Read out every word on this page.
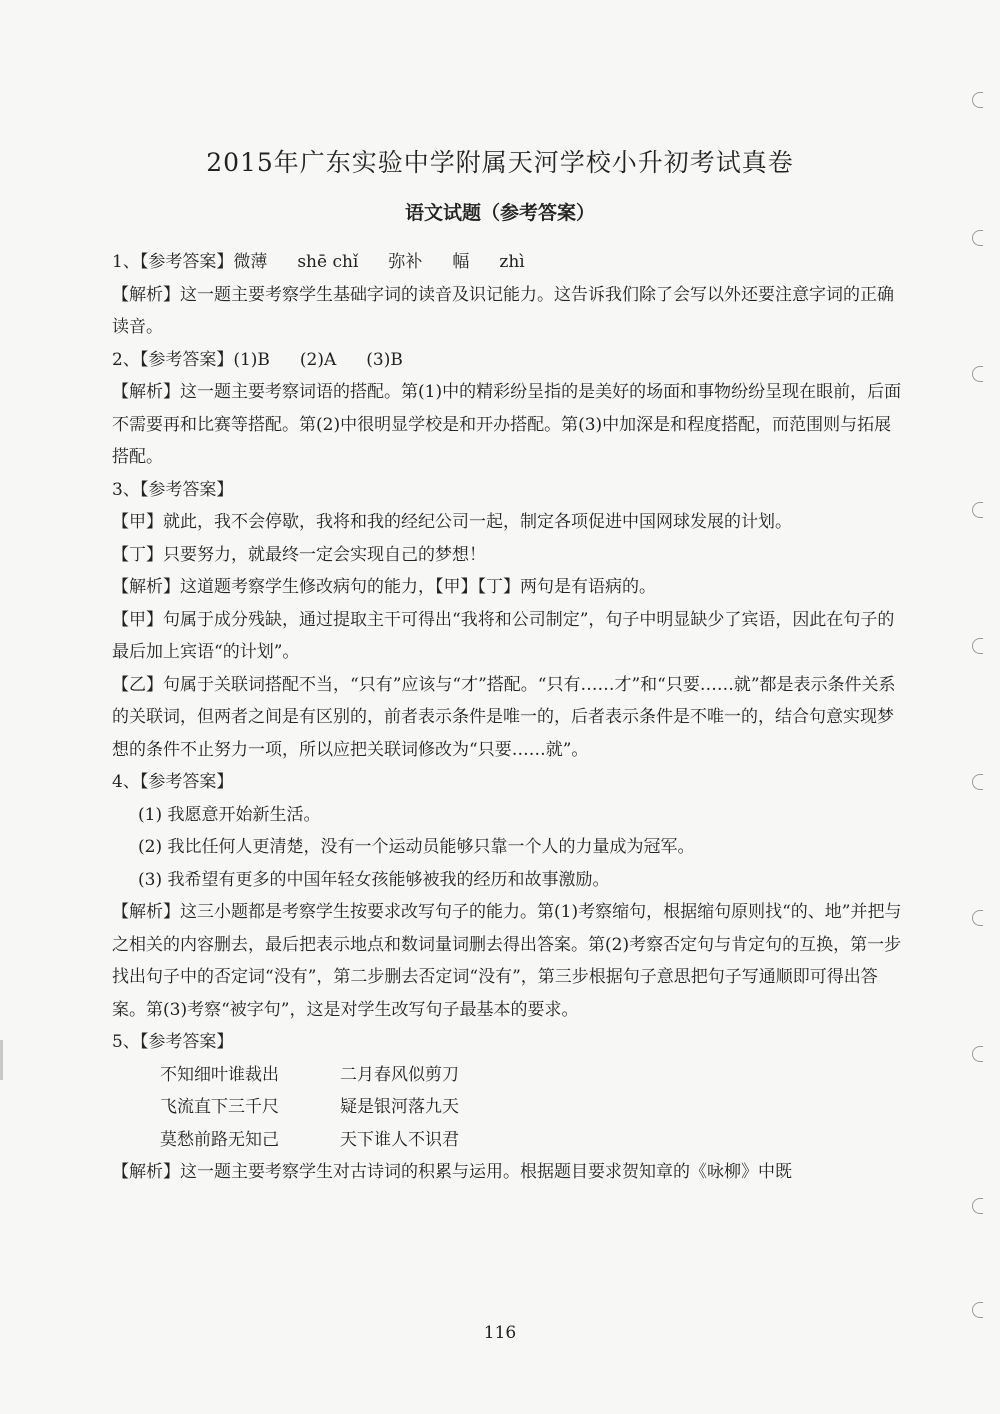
2015年广东实验中学附属天河学校小升初考试真卷
语文试题（参考答案）

1、【参考答案】微薄 shē chǐ 弥补 幅 zhì

【解析】这一题主要考察学生基础字词的读音及识记能力。这告诉我们除了会写以外还要注意字词的正确读音。

2、【参考答案】(1)B (2)A (3)B

【解析】这一题主要考察词语的搭配。第(1)中的精彩纷呈指的是美好的场面和事物纷纷呈现在眼前，后面不需要再和比赛等搭配。第(2)中很明显学校是和开办搭配。第(3)中加深是和程度搭配，而范围则与拓展搭配。

3、【参考答案】

【甲】就此，我不会停歇，我将和我的经纪公司一起，制定各项促进中国网球发展的计划。

【丁】只要努力，就最终一定会实现自己的梦想！

【解析】这道题考察学生修改病句的能力，【甲】【丁】两句是有语病的。

【甲】句属于成分残缺，通过提取主干可得出“我将和公司制定”，句子中明显缺少了宾语，因此在句子的最后加上宾语“的计划”。

【乙】句属于关联词搭配不当，“只有”应该与“才”搭配。“只有……才”和“只要……就”都是表示条件关系的关联词，但两者之间是有区别的，前者表示条件是唯一的，后者表示条件是不唯一的，结合句意实现梦想的条件不止努力一项，所以应把关联词修改为“只要……就”。

4、【参考答案】

(1) 我愿意开始新生活。

(2) 我比任何人更清楚，没有一个运动员能够只靠一个人的力量成为冠军。

(3) 我希望有更多的中国年轻女孩能够被我的经历和故事激励。

【解析】这三小题都是考察学生按要求改写句子的能力。第(1)考察缩句，根据缩句原则找“的、地”并把与之相关的内容删去，最后把表示地点和数词量词删去得出答案。第(2)考察否定句与肯定句的互换，第一步找出句子中的否定词“没有”，第二步删去否定词“没有”，第三步根据句子意思把句子写通顺即可得出答案。第(3)考察“被字句”，这是对学生改写句子最基本的要求。

5、【参考答案】

不知细叶谁裁出	二月春风似剪刀
飞流直下三千尺	疑是银河落九天
莫愁前路无知己	天下谁人不识君

【解析】这一题主要考察学生对古诗词的积累与运用。根据题目要求贺知章的《咏柳》中既

116
